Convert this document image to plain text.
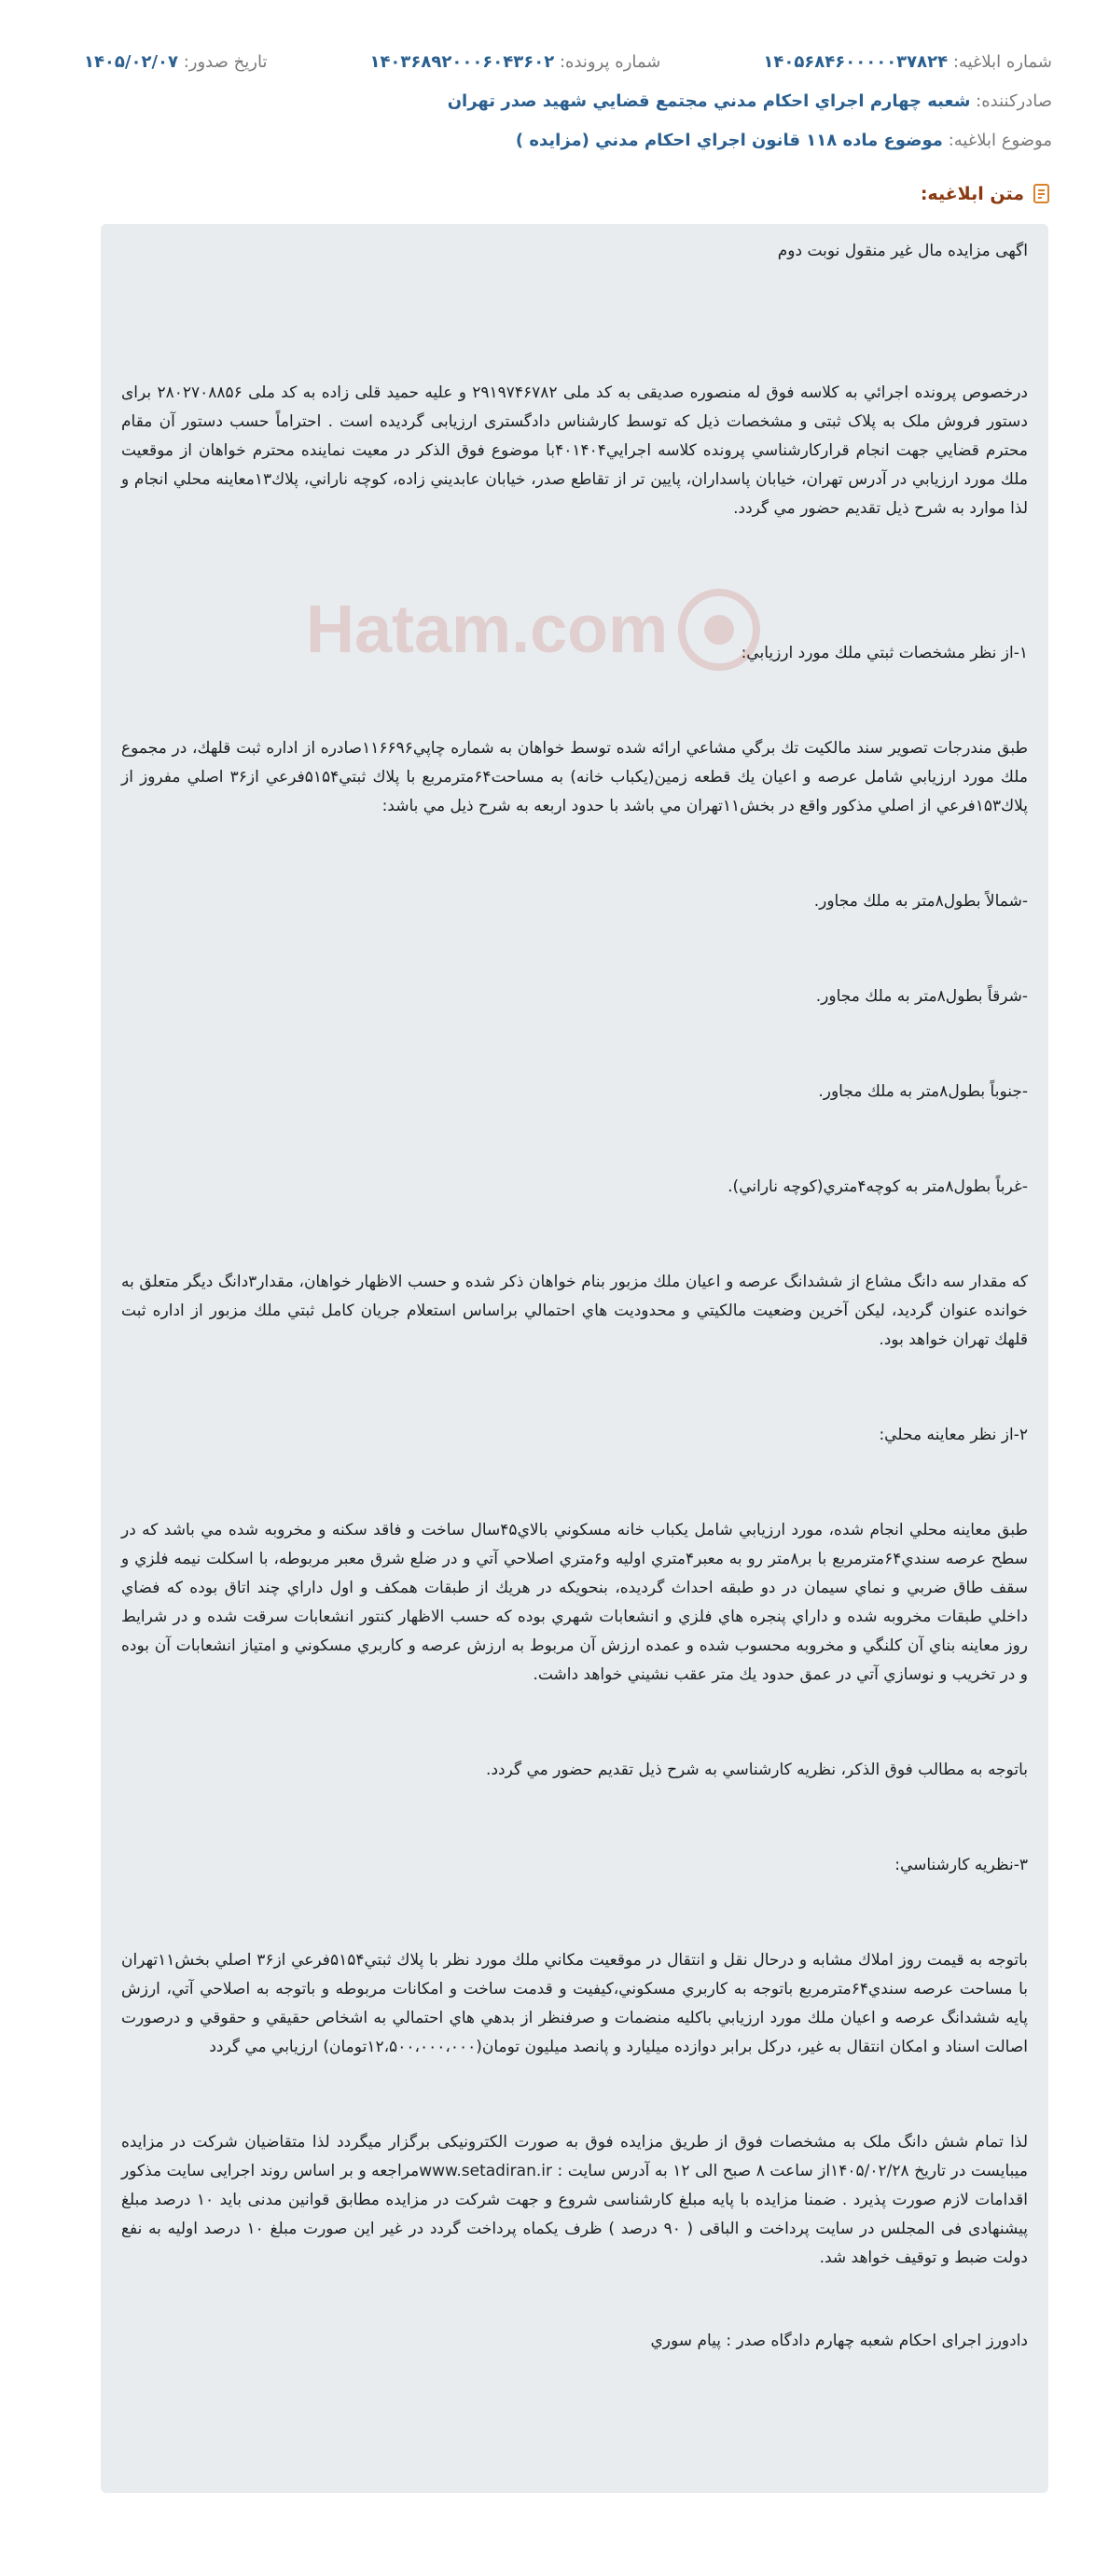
شماره ابلاغيه: ۱۴۰۵۶۸۴۶۰۰۰۰۰۳۷۸۲۴
شماره پرونده: ۱۴۰۳۶۸۹۲۰۰۰۶۰۴۳۶۰۲
تاريخ صدور: ۱۴۰۵/۰۲/۰۷
صادرکننده: شعبه چهارم اجراي احكام مدني مجتمع قضايي شهيد صدر تهران
موضوع ابلاغيه: موضوع ماده ۱۱۸ قانون اجراي احكام مدني (مزايده )
متن ابلاغيه:
Hatam.com

اگهی مزايده مال غير منقول نوبت دوم

درخصوص پرونده اجرائي به كلاسه فوق له منصوره صديقی به كد ملی ۲۹۱۹۷۴۶۷۸۲ و علیه حمید قلی زاده به كد ملی ۲۸۰۲۷۰۸۸۵۶ برای دستور فروش ملک به پلاک ثبتی و مشخصات ذیل که توسط کارشناس دادگستری ارزیابی گردیده است . احتراماً حسب دستور آن مقام محترم قضايي جهت انجام قراركارشناسي پرونده كلاسه اجرايي۴۰۱۴۰۴با موضوع فوق الذكر در معيت نماينده محترم خواهان از موقعيت ملك مورد ارزيابي در آدرس تهران، خيابان پاسداران، پايين تر از تقاطع صدر، خيابان عابديني زاده، كوچه ناراني، پلاك۱۳معاينه محلي انجام و لذا موارد به شرح ذيل تقديم حضور مي گردد.

۱-از نظر مشخصات ثبتي ملك مورد ارزيابي:

طبق مندرجات تصوير سند مالكيت تك برگي مشاعي ارائه شده توسط خواهان به شماره چاپي۱۱۶۶۹۶صادره از اداره ثبت قلهك، در مجموع ملك مورد ارزيابي شامل عرصه و اعيان يك قطعه زمين(يكباب خانه) به مساحت۶۴مترمربع با پلاك ثبتي۵۱۵۴فرعي از۳۶ اصلي مفروز از پلاك۱۵۳فرعي از اصلي مذكور واقع در بخش۱۱تهران مي باشد با حدود اربعه به شرح ذيل مي باشد:

-شمالاً بطول۸متر به ملك مجاور.

-شرقاً بطول۸متر به ملك مجاور.

-جنوباً بطول۸متر به ملك مجاور.

-غرباً بطول۸متر به كوچه۴متري(كوچه ناراني).

كه مقدار سه دانگ مشاع از ششدانگ عرصه و اعيان ملك مزبور بنام خواهان ذكر شده و حسب الاظهار خواهان، مقدار۳دانگ ديگر متعلق به خوانده عنوان گرديد، ليكن آخرين وضعيت مالكيتي و محدوديت هاي احتمالي براساس استعلام جريان كامل ثبتي ملك مزبور از اداره ثبت قلهك تهران خواهد بود.

۲-از نظر معاينه محلي:

طبق معاينه محلي انجام شده، مورد ارزيابي شامل يكباب خانه مسكوني بالاي۴۵سال ساخت و فاقد سكنه و مخروبه شده مي باشد كه در سطح عرصه سندي۶۴مترمربع با بر۸متر رو به معبر۴متري اوليه و۶متري اصلاحي آتي و در ضلع شرق معبر مربوطه، با اسكلت نيمه فلزي و سقف طاق ضربي و نماي سيمان در دو طبقه احداث گرديده، بنحويكه در هريك از طبقات همكف و اول داراي چند اتاق بوده كه فضاي داخلي طبقات مخروبه شده و داراي پنجره هاي فلزي و انشعابات شهري بوده كه حسب الاظهار كنتور انشعابات سرقت شده و در شرايط روز معاينه بناي آن كلنگي و مخروبه محسوب شده و عمده ارزش آن مربوط به ارزش عرصه و كاربري مسكوني و امتياز انشعابات آن بوده و در تخريب و نوسازي آتي در عمق حدود يك متر عقب نشيني خواهد داشت.

باتوجه به مطالب فوق الذكر، نظريه كارشناسي به شرح ذيل تقديم حضور مي گردد.

۳-نظريه كارشناسي:

باتوجه به قيمت روز املاك مشابه و درحال نقل و انتقال در موقعيت مكاني ملك مورد نظر با پلاك ثبتي۵۱۵۴فرعي از۳۶ اصلي بخش۱۱تهران با مساحت عرصه سندي۶۴مترمربع باتوجه به كاربري مسكوني،كيفيت و قدمت ساخت و امكانات مربوطه و باتوجه به اصلاحي آتي، ارزش پايه ششدانگ عرصه و اعيان ملك مورد ارزيابي باكليه منضمات و صرفنظر از بدهي هاي احتمالي به اشخاص حقيقي و حقوقي و درصورت اصالت اسناد و امكان انتقال به غير، دركل برابر دوازده ميليارد و پانصد ميليون تومان(۱۲،۵۰۰،۰۰۰،۰۰۰تومان) ارزيابي مي گردد

لذا تمام شش دانگ ملک به مشخصات فوق از طریق مزایده فوق به صورت الکترونیکی برگزار میگردد لذا متقاضیان شرکت در مزایده میبایست در تاریخ ۱۴۰۵/۰۲/۲۸از ساعت ۸ صبح الی ۱۲ به آدرس سایت : www.setadiran.irمراجعه و بر اساس روند اجرایی سایت مذکور اقدامات لازم صورت پذیرد . ضمنا مزایده با پایه مبلغ کارشناسی شروع و جهت شرکت در مزایده مطابق قوانین مدنی باید ۱۰ درصد مبلغ پیشنهادی فی المجلس در سایت پرداخت و الباقی ( ۹۰ درصد ) ظرف یکماه پرداخت گردد در غیر این صورت مبلغ ۱۰ درصد اولیه به نفع دولت ضبط و توقیف خواهد شد.

دادورز اجرای احکام شعبه چهارم دادگاه صدر : پيام سوري
